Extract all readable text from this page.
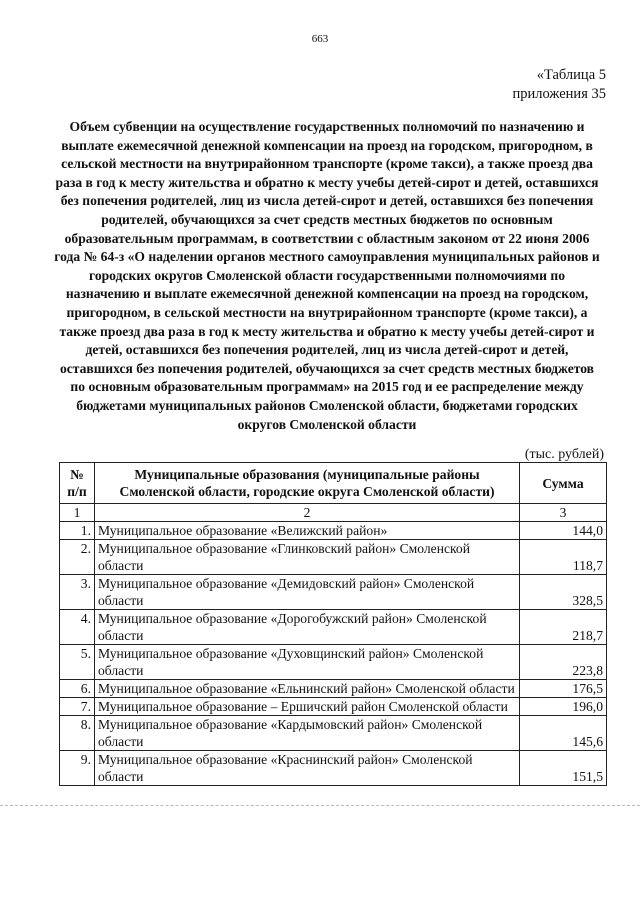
663
«Таблица 5
приложения 35
Объем субвенции на осуществление государственных полномочий по назначению и выплате ежемесячной денежной компенсации на проезд на городском, пригородном, в сельской местности на внутрирайонном транспорте (кроме такси), а также проезд два раза в год к месту жительства и обратно к месту учебы детей-сирот и детей, оставшихся без попечения родителей, лиц из числа детей-сирот и детей, оставшихся без попечения родителей, обучающихся за счет средств местных бюджетов по основным образовательным программам, в соответствии с областным законом от 22 июня 2006 года № 64-з «О наделении органов местного самоуправления муниципальных районов и городских округов Смоленской области государственными полномочиями по назначению и выплате ежемесячной денежной компенсации на проезд на городском, пригородном, в сельской местности на внутрирайонном транспорте (кроме такси), а также проезд два раза в год к месту жительства и обратно к месту учебы детей-сирот и детей, оставшихся без попечения родителей, лиц из числа детей-сирот и детей, оставшихся без попечения родителей, обучающихся за счет средств местных бюджетов по основным образовательным программам» на 2015 год и ее распределение между бюджетами муниципальных районов Смоленской области, бюджетами городских округов Смоленской области
(тыс. рублей)
№ п/п	Муниципальные образования (муниципальные районы Смоленской области, городские округа Смоленской области)	Сумма
1	2	3
1.	Муниципальное образование «Велижский район»	144,0
2.	Муниципальное образование «Глинковский район» Смоленской области	118,7
3.	Муниципальное образование «Демидовский район» Смоленской области	328,5
4.	Муниципальное образование «Дорогобужский район» Смоленской области	218,7
5.	Муниципальное образование «Духовщинский район» Смоленской области	223,8
6.	Муниципальное образование «Ельнинский район» Смоленской области	176,5
7.	Муниципальное образование – Ершичский район Смоленской области	196,0
8.	Муниципальное образование «Кардымовский район» Смоленской области	145,6
9.	Муниципальное образование «Краснинский район» Смоленской области	151,5
